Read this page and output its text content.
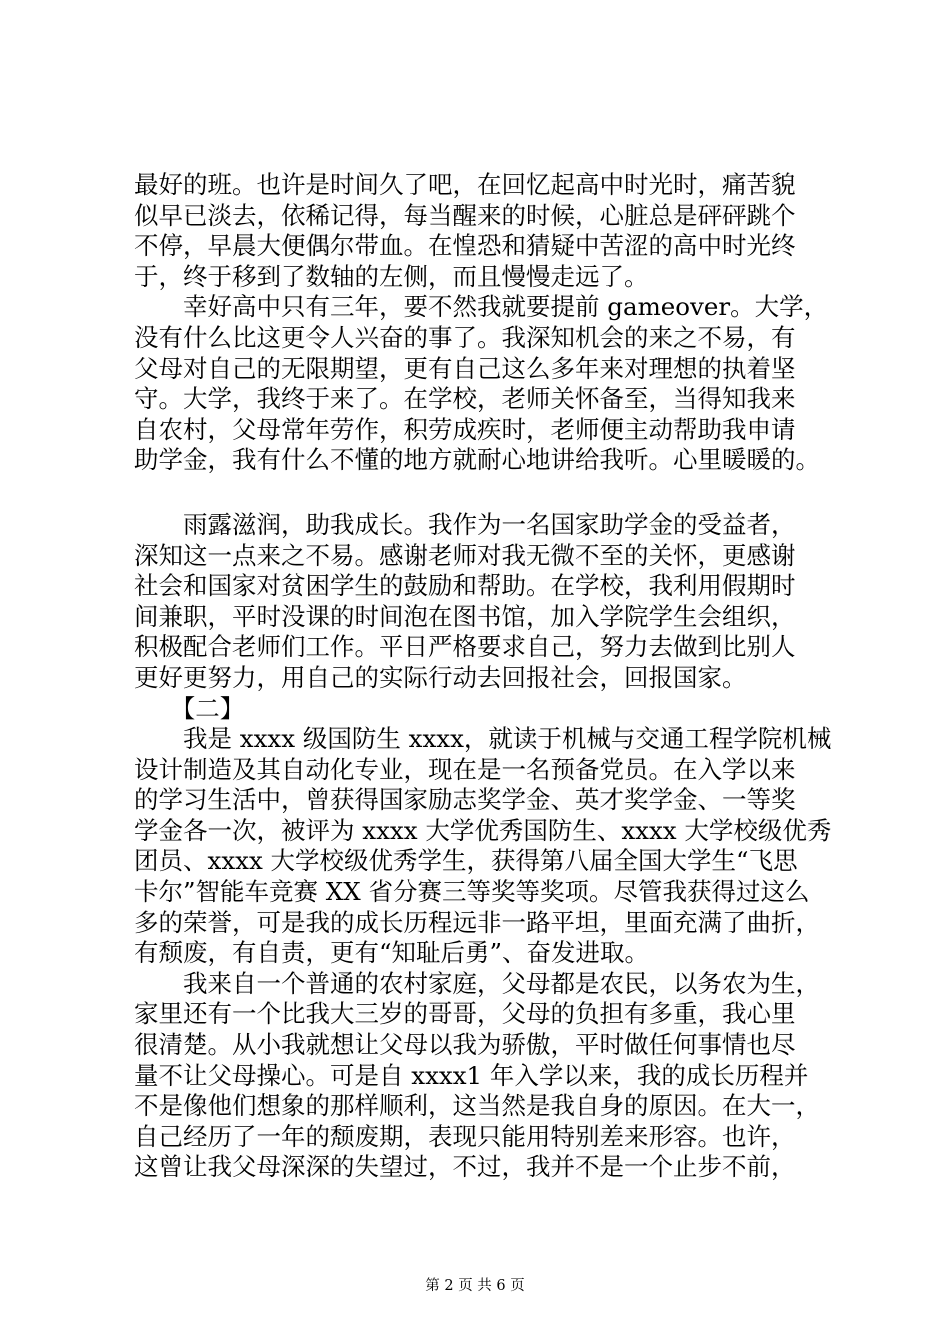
最好的班。也许是时间久了吧，在回忆起高中时光时，痛苦貌
似早已淡去，依稀记得，每当醒来的时候，心脏总是砰砰跳个
不停，早晨大便偶尔带血。在惶恐和猜疑中苦涩的高中时光终
于，终于移到了数轴的左侧，而且慢慢走远了。
　　幸好高中只有三年，要不然我就要提前 gameover。大学，
没有什么比这更令人兴奋的事了。我深知机会的来之不易，有
父母对自己的无限期望，更有自己这么多年来对理想的执着坚
守。大学，我终于来了。在学校，老师关怀备至，当得知我来
自农村，父母常年劳作，积劳成疾时，老师便主动帮助我申请
助学金，我有什么不懂的地方就耐心地讲给我听。心里暖暖的。
　　雨露滋润，助我成长。我作为一名国家助学金的受益者，
深知这一点来之不易。感谢老师对我无微不至的关怀，更感谢
社会和国家对贫困学生的鼓励和帮助。在学校，我利用假期时
间兼职，平时没课的时间泡在图书馆，加入学院学生会组织，
积极配合老师们工作。平日严格要求自己，努力去做到比别人
更好更努力，用自己的实际行动去回报社会，回报国家。
　　【二】
　　我是 xxxx 级国防生 xxxx，就读于机械与交通工程学院机械
设计制造及其自动化专业，现在是一名预备党员。在入学以来
的学习生活中，曾获得国家励志奖学金、英才奖学金、一等奖
学金各一次，被评为 xxxx 大学优秀国防生、xxxx 大学校级优秀
团员、xxxx 大学校级优秀学生，获得第八届全国大学生“飞思
卡尔”智能车竞赛 XX 省分赛三等奖等奖项。尽管我获得过这么
多的荣誉，可是我的成长历程远非一路平坦，里面充满了曲折，
有颓废，有自责，更有“知耻后勇”、奋发进取。
　　我来自一个普通的农村家庭，父母都是农民，以务农为生，
家里还有一个比我大三岁的哥哥，父母的负担有多重，我心里
很清楚。从小我就想让父母以我为骄傲，平时做任何事情也尽
量不让父母操心。可是自 xxxx1 年入学以来，我的成长历程并
不是像他们想象的那样顺利，这当然是我自身的原因。在大一，
自己经历了一年的颓废期，表现只能用特别差来形容。也许，
这曾让我父母深深的失望过，不过，我并不是一个止步不前，
第 2 页 共 6 页
